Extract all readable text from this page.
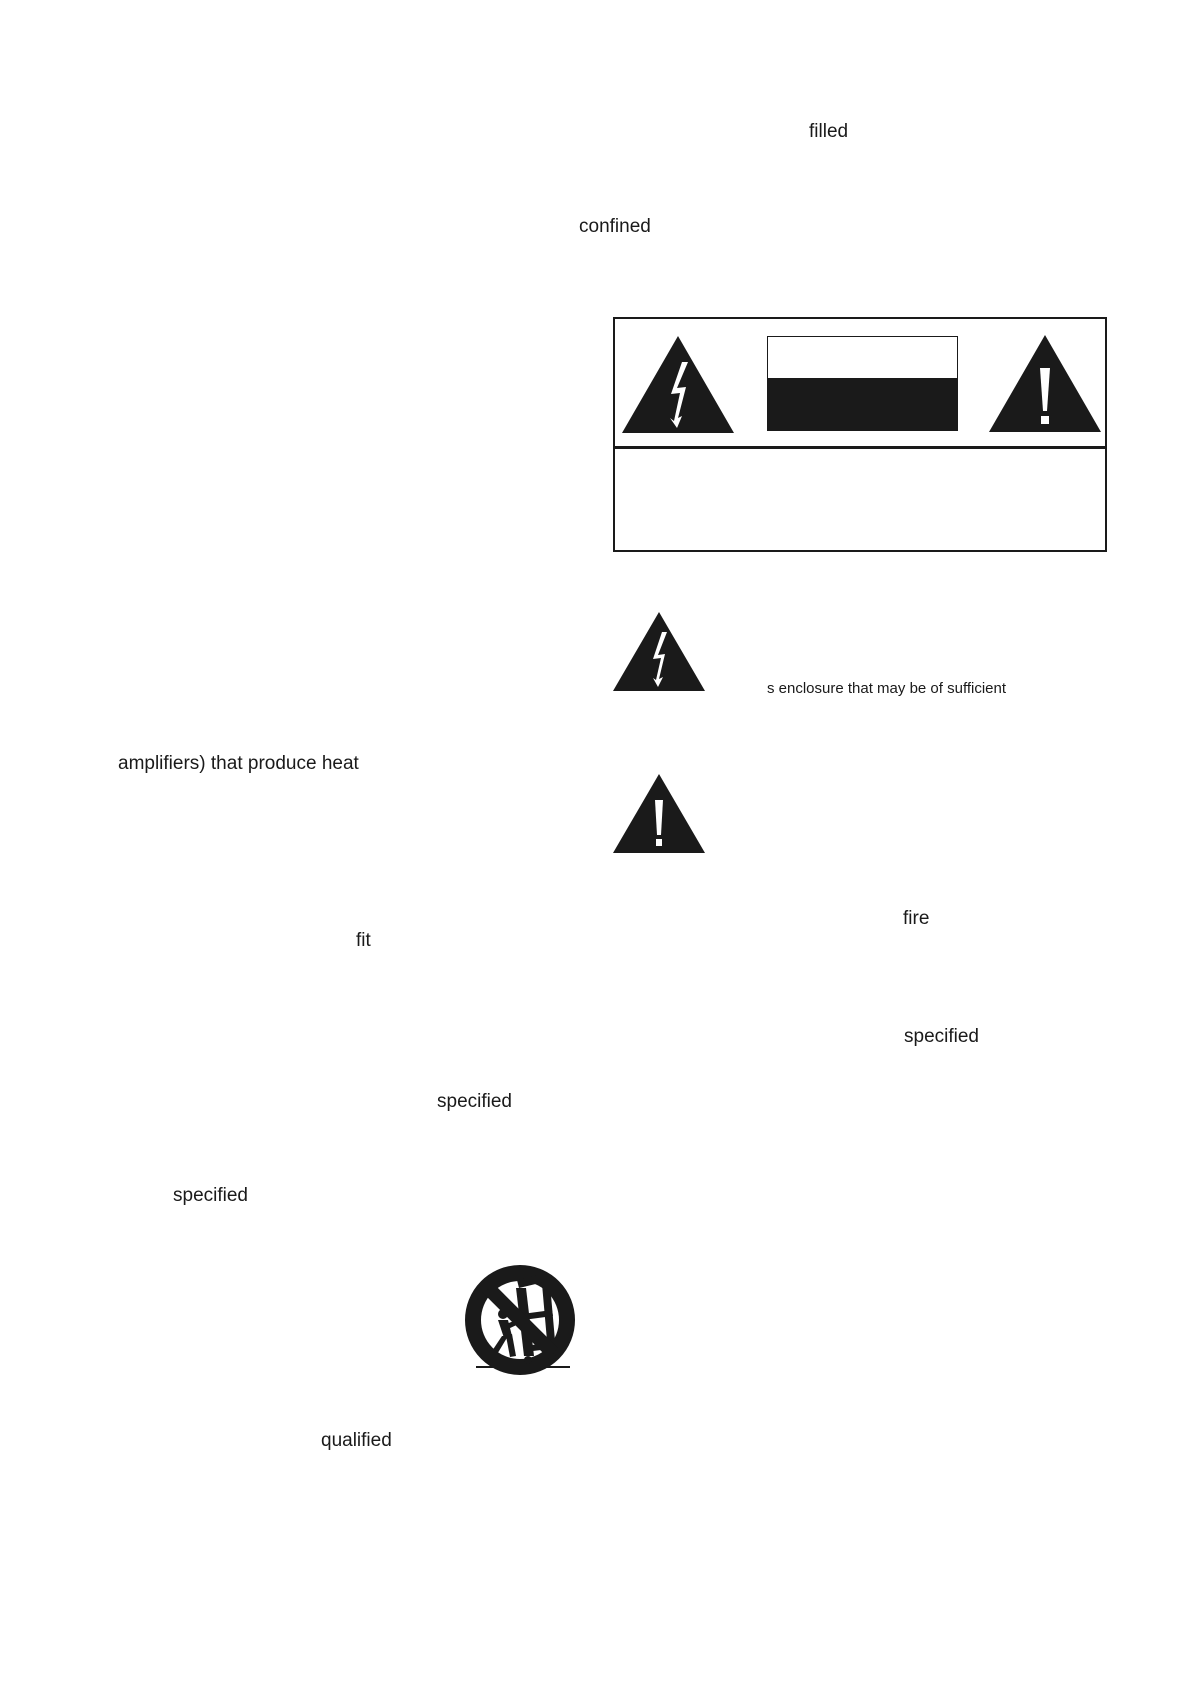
filled

confined

s enclosure that may be of sufficient

fire

specified

amplifiers) that produce heat

fit

specified

specified

qualified
